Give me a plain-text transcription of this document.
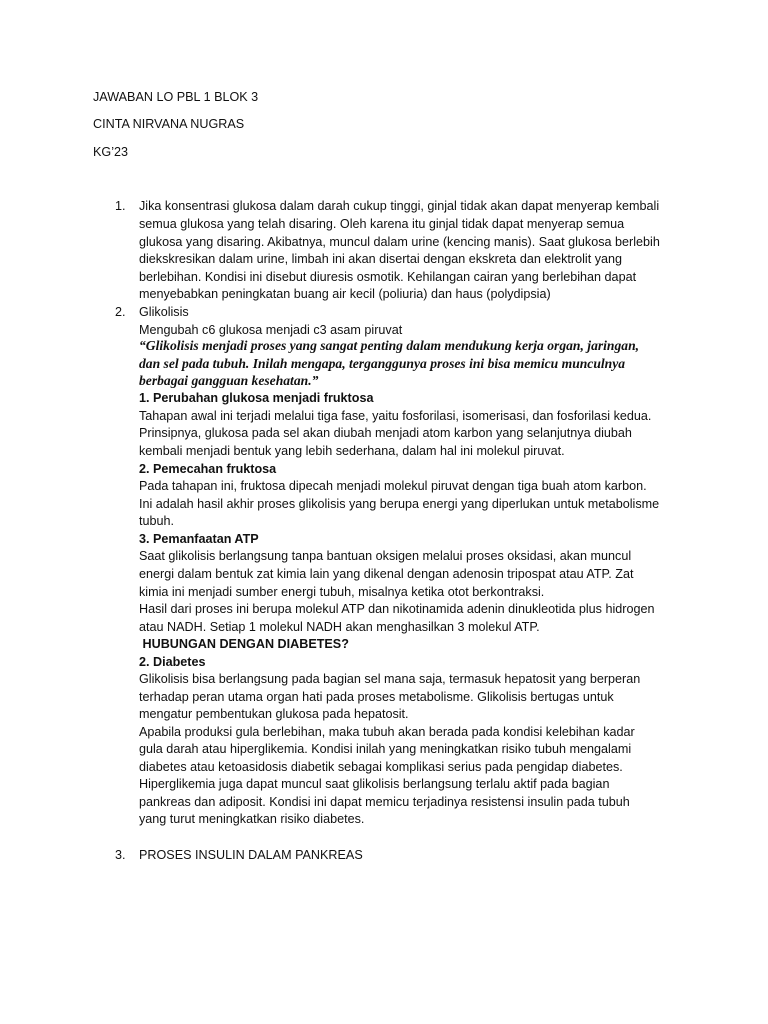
JAWABAN LO PBL 1 BLOK 3
CINTA NIRVANA NUGRAS
KG’23
1. Jika konsentrasi glukosa dalam darah cukup tinggi, ginjal tidak akan dapat menyerap kembali
semua glukosa yang telah disaring. Oleh karena itu ginjal tidak dapat menyerap semua
glukosa yang disaring. Akibatnya, muncul dalam urine (kencing manis). Saat glukosa berlebih
diekskresikan dalam urine, limbah ini akan disertai dengan ekskreta dan elektrolit yang
berlebihan. Kondisi ini disebut diuresis osmotik. Kehilangan cairan yang berlebihan dapat
menyebabkan peningkatan buang air kecil (poliuria) dan haus (polydipsia)
2. Glikolisis
Mengubah c6 glukosa menjadi c3 asam piruvat
“Glikolisis menjadi proses yang sangat penting dalam mendukung kerja organ, jaringan,
dan sel pada tubuh. Inilah mengapa, terganggunya proses ini bisa memicu munculnya
berbagai gangguan kesehatan.”
1. Perubahan glukosa menjadi fruktosa
Tahapan awal ini terjadi melalui tiga fase, yaitu fosforilasi, isomerisasi, dan fosforilasi kedua.
Prinsipnya, glukosa pada sel akan diubah menjadi atom karbon yang selanjutnya diubah
kembali menjadi bentuk yang lebih sederhana, dalam hal ini molekul piruvat.
2. Pemecahan fruktosa
Pada tahapan ini, fruktosa dipecah menjadi molekul piruvat dengan tiga buah atom karbon.
Ini adalah hasil akhir proses glikolisis yang berupa energi yang diperlukan untuk metabolisme
tubuh.
3. Pemanfaatan ATP
Saat glikolisis berlangsung tanpa bantuan oksigen melalui proses oksidasi, akan muncul
energi dalam bentuk zat kimia lain yang dikenal dengan adenosin tripospat atau ATP. Zat
kimia ini menjadi sumber energi tubuh, misalnya ketika otot berkontraksi.
Hasil dari proses ini berupa molekul ATP dan nikotinamida adenin dinukleotida plus hidrogen
atau NADH. Setiap 1 molekul NADH akan menghasilkan 3 molekul ATP.
HUBUNGAN DENGAN DIABETES?
2. Diabetes
Glikolisis bisa berlangsung pada bagian sel mana saja, termasuk hepatosit yang berperan
terhadap peran utama organ hati pada proses metabolisme. Glikolisis bertugas untuk
mengatur pembentukan glukosa pada hepatosit.
Apabila produksi gula berlebihan, maka tubuh akan berada pada kondisi kelebihan kadar
gula darah atau hiperglikemia. Kondisi inilah yang meningkatkan risiko tubuh mengalami
diabetes atau ketoasidosis diabetik sebagai komplikasi serius pada pengidap diabetes.
Hiperglikemia juga dapat muncul saat glikolisis berlangsung terlalu aktif pada bagian
pankreas dan adiposit. Kondisi ini dapat memicu terjadinya resistensi insulin pada tubuh
yang turut meningkatkan risiko diabetes.
3. PROSES INSULIN DALAM PANKREAS
